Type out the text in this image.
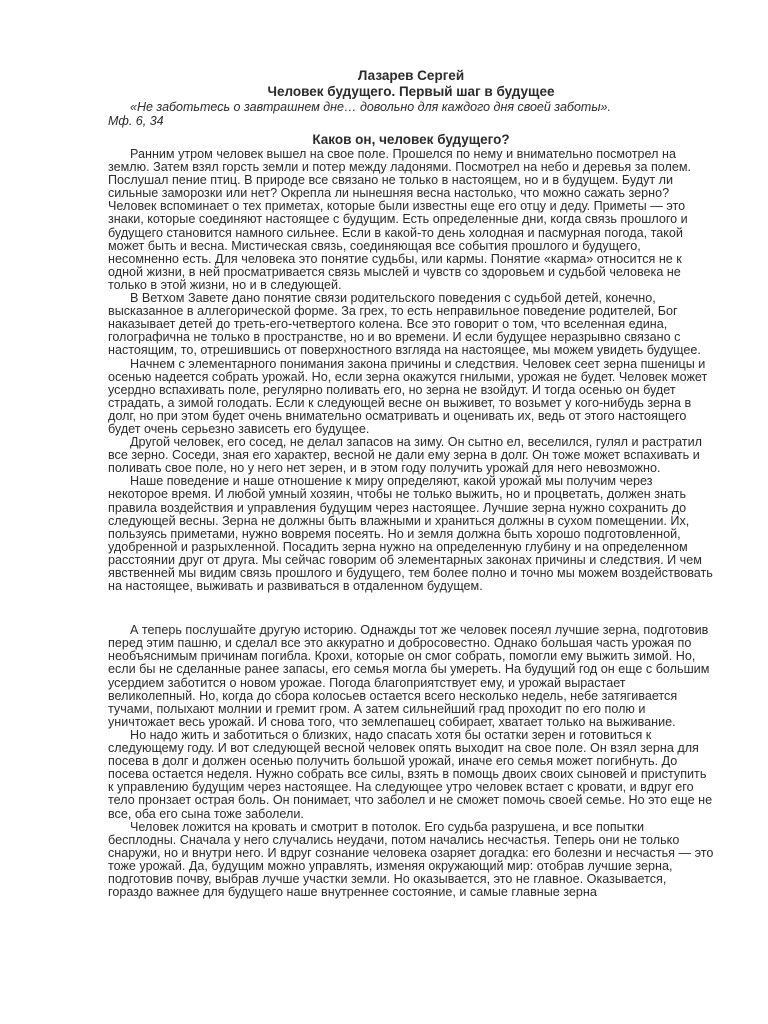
Лазарев Сергей

Человек будущего. Первый шаг в будущее

«Не заботьтесь о завтрашнем дне… довольно для каждого дня своей заботы».

Мф. 6, 34

Каков он, человек будущего?

Ранним утром человек вышел на свое поле. Прошелся по нему и внимательно посмотрел на землю. Затем взял горсть земли и потер между ладонями. Посмотрел на небо и деревья за полем. Послушал пение птиц. В природе все связано не только в настоящем, но и в будущем. Будут ли сильные заморозки или нет? Окрепла ли нынешняя весна настолько, что можно сажать зерно? Человек вспоминает о тех приметах, которые были известны еще его отцу и деду. Приметы — это знаки, которые соединяют настоящее с будущим. Есть определенные дни, когда связь прошлого и будущего становится намного сильнее. Если в какой-то день холодная и пасмурная погода, такой может быть и весна. Мистическая связь, соединяющая все события прошлого и будущего, несомненно есть. Для человека это понятие судьбы, или кармы. Понятие «карма» относится не к одной жизни, в ней просматривается связь мыслей и чувств со здоровьем и судьбой человека не только в этой жизни, но и в следующей.

В Ветхом Завете дано понятие связи родительского поведения с судьбой детей, конечно, высказанное в аллегорической форме. За грех, то есть неправильное поведение родителей, Бог наказывает детей до треть-его-четвертого колена. Все это говорит о том, что вселенная едина, голографична не только в пространстве, но и во времени. И если будущее неразрывно связано с настоящим, то, отрешившись от поверхностного взгляда на настоящее, мы можем увидеть будущее.

Начнем с элементарного понимания закона причины и следствия. Человек сеет зерна пшеницы и осенью надеется собрать урожай. Но, если зерна окажутся гнилыми, урожая не будет. Человек может усердно вспахивать поле, регулярно поливать его, но зерна не взойдут. И тогда осенью он будет страдать, а зимой голодать. Если к следующей весне он выживет, то возьмет у кого-нибудь зерна в долг, но при этом будет очень внимательно осматривать и оценивать их, ведь от этого настоящего будет очень серьезно зависеть его будущее.

Другой человек, его сосед, не делал запасов на зиму. Он сытно ел, веселился, гулял и растратил все зерно. Соседи, зная его характер, весной не дали ему зерна в долг. Он тоже может вспахивать и поливать свое поле, но у него нет зерен, и в этом году получить урожай для него невозможно.

Наше поведение и наше отношение к миру определяют, какой урожай мы получим через некоторое время. И любой умный хозяин, чтобы не только выжить, но и процветать, должен знать правила воздействия и управления будущим через настоящее. Лучшие зерна нужно сохранить до следующей весны. Зерна не должны быть влажными и храниться должны в сухом помещении. Их, пользуясь приметами, нужно вовремя посеять. Но и земля должна быть хорошо подготовленной, удобренной и разрыхленной. Посадить зерна нужно на определенную глубину и на определенном расстоянии друг от друга. Мы сейчас говорим об элементарных законах причины и следствия. И чем явственней мы видим связь прошлого и будущего, тем более полно и точно мы можем воздействовать на настоящее, выживать и развиваться в отдаленном будущем.

А теперь послушайте другую историю. Однажды тот же человек посеял лучшие зерна, подготовив перед этим пашню, и сделал все это аккуратно и добросовестно. Однако большая часть урожая по необъяснимым причинам погибла. Крохи, которые он смог собрать, помогли ему выжить зимой. Но, если бы не сделанные ранее запасы, его семья могла бы умереть. На будущий год он еще с большим усердием заботится о новом урожае. Погода благоприятствует ему, и урожай вырастает великолепный. Но, когда до сбора колосьев остается всего несколько недель, небе затягивается тучами, полыхают молнии и гремит гром. А затем сильнейший град проходит по его полю и уничтожает весь урожай. И снова того, что землепашец собирает, хватает только на выживание.

Но надо жить и заботиться о близких, надо спасать хотя бы остатки зерен и готовиться к следующему году. И вот следующей весной человек опять выходит на свое поле. Он взял зерна для посева в долг и должен осенью получить большой урожай, иначе его семья может погибнуть. До посева остается неделя. Нужно собрать все силы, взять в помощь двоих своих сыновей и приступить к управлению будущим через настоящее. На следующее утро человек встает с кровати, и вдруг его тело пронзает острая боль. Он понимает, что заболел и не сможет помочь своей семье. Но это еще не все, оба его сына тоже заболели.

Человек ложится на кровать и смотрит в потолок. Его судьба разрушена, и все попытки бесплодны. Сначала у него случались неудачи, потом начались несчастья. Теперь они не только снаружи, но и внутри него. И вдруг сознание человека озаряет догадка: его болезни и несчастья — это тоже урожай. Да, будущим можно управлять, изменяя окружающий мир: отобрав лучшие зерна, подготовив почву, выбрав лучше участки земли. Но оказывается, это не главное. Оказывается, гораздо важнее для будущего наше внутреннее состояние, и самые главные зерна
